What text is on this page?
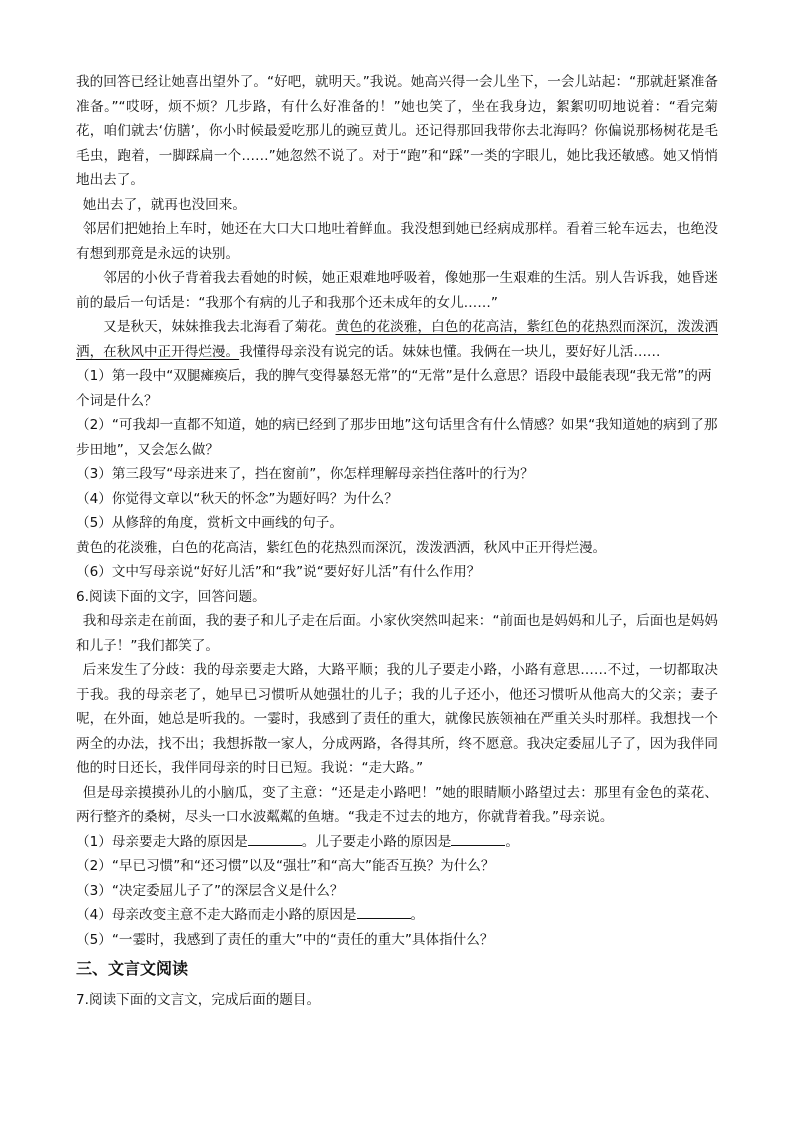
我的回答已经让她喜出望外了。“好吧，就明天。”我说。她高兴得一会儿坐下，一会儿站起：“那就赶紧准备准备。”“哎呀，烦不烦？几步路，有什么好准备的！”她也笑了，坐在我身边，絮絮叨叨地说着：“看完菊花，咱们就去‘仿膳’，你小时候最爱吃那儿的豌豆黄儿。还记得那回我带你去北海吗？你偏说那杨树花是毛毛虫，跑着，一脚踩扁一个……”她忽然不说了。对于“跑”和“踩”一类的字眼儿，她比我还敏感。她又悄悄地出去了。

她出去了，就再也没回来。

邻居们把她抬上车时，她还在大口大口地吐着鲜血。我没想到她已经病成那样。看着三轮车远去，也绝没有想到那竟是永远的诀别。

邻居的小伙子背着我去看她的时候，她正艰难地呼吸着，像她那一生艰难的生活。别人告诉我，她昏迷前的最后一句话是：“我那个有病的儿子和我那个还未成年的女儿……”

又是秋天，妹妹推我去北海看了菊花。黄色的花淡雅，白色的花高洁，紫红色的花热烈而深沉，泼泼洒洒，在秋风中正开得烂漫。我懂得母亲没有说完的话。妹妹也懂。我俩在一块儿，要好好儿活……

（1）第一段中“双腿瘫痪后，我的脾气变得暴怒无常”的“无常”是什么意思？语段中最能表现“我无常”的两个词是什么？

（2）“可我却一直都不知道，她的病已经到了那步田地”这句话里含有什么情感？如果“我知道她的病到了那步田地”，又会怎么做？

（3）第三段写“母亲进来了，挡在窗前”，你怎样理解母亲挡住落叶的行为？

（4）你觉得文章以“秋天的怀念”为题好吗？为什么？

（5）从修辞的角度，赏析文中画线的句子。

黄色的花淡雅，白色的花高洁，紫红色的花热烈而深沉，泼泼洒洒，秋风中正开得烂漫。

（6）文中写母亲说“好好儿活”和“我”说“要好好儿活”有什么作用？

6.阅读下面的文字，回答问题。

我和母亲走在前面，我的妻子和儿子走在后面。小家伙突然叫起来：“前面也是妈妈和儿子，后面也是妈妈和儿子！”我们都笑了。

后来发生了分歧：我的母亲要走大路，大路平顺；我的儿子要走小路，小路有意思……不过，一切都取决于我。我的母亲老了，她早已习惯听从她强壮的儿子；我的儿子还小，他还习惯听从他高大的父亲；妻子呢，在外面，她总是听我的。一霎时，我感到了责任的重大，就像民族领袖在严重关头时那样。我想找一个两全的办法，找不出；我想拆散一家人，分成两路，各得其所，终不愿意。我决定委屈儿子了，因为我伴同他的时日还长，我伴同母亲的时日已短。我说：“走大路。”

但是母亲摸摸孙儿的小脑瓜，变了主意：“还是走小路吧！”她的眼睛顺小路望过去：那里有金色的菜花、两行整齐的桑树，尽头一口水波粼粼的鱼塘。“我走不过去的地方，你就背着我。”母亲说。

（1）母亲要走大路的原因是	。儿子要走小路的原因是	。

（2）“早已习惯”和“还习惯”以及“强壮”和“高大”能否互换？为什么？

（3）“决定委屈儿子了”的深层含义是什么？

（4）母亲改变主意不走大路而走小路的原因是	。

（5）“一霎时，我感到了责任的重大”中的“责任的重大”具体指什么？

三、文言文阅读

7.阅读下面的文言文，完成后面的题目。
